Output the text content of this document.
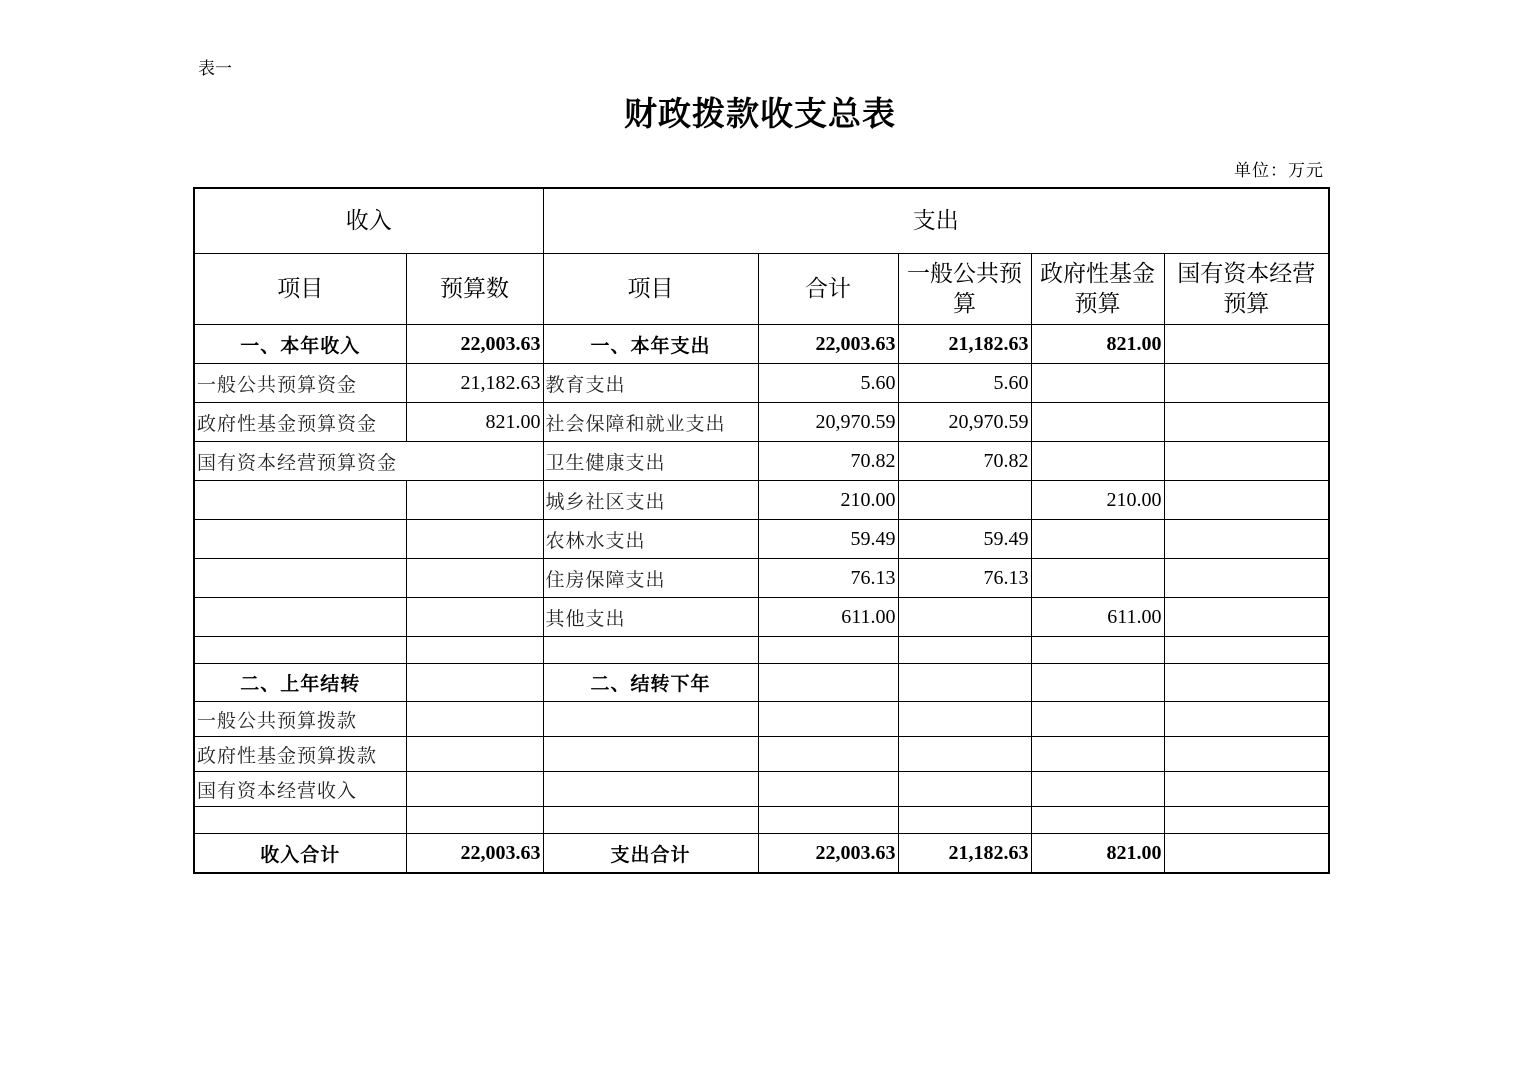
表一
财政拨款收支总表
单位：万元
收入		支出				
项目	预算数	项目	合计	一般公共预算	政府性基金预算	国有资本经营预算
一、本年收入	22,003.63	一、本年支出	22,003.63	21,182.63	821.00	
一般公共预算资金	21,182.63	教育支出	5.60	5.60		
政府性基金预算资金	821.00	社会保障和就业支出	20,970.59	20,970.59		
国有资本经营预算资金		卫生健康支出	70.82	70.82		
		城乡社区支出	210.00		210.00	
		农林水支出	59.49	59.49		
		住房保障支出	76.13	76.13		
		其他支出	611.00		611.00	

二、上年结转		二、结转下年				
一般公共预算拨款						
政府性基金预算拨款						
国有资本经营收入						

收入合计	22,003.63	支出合计	22,003.63	21,182.63	821.00	
